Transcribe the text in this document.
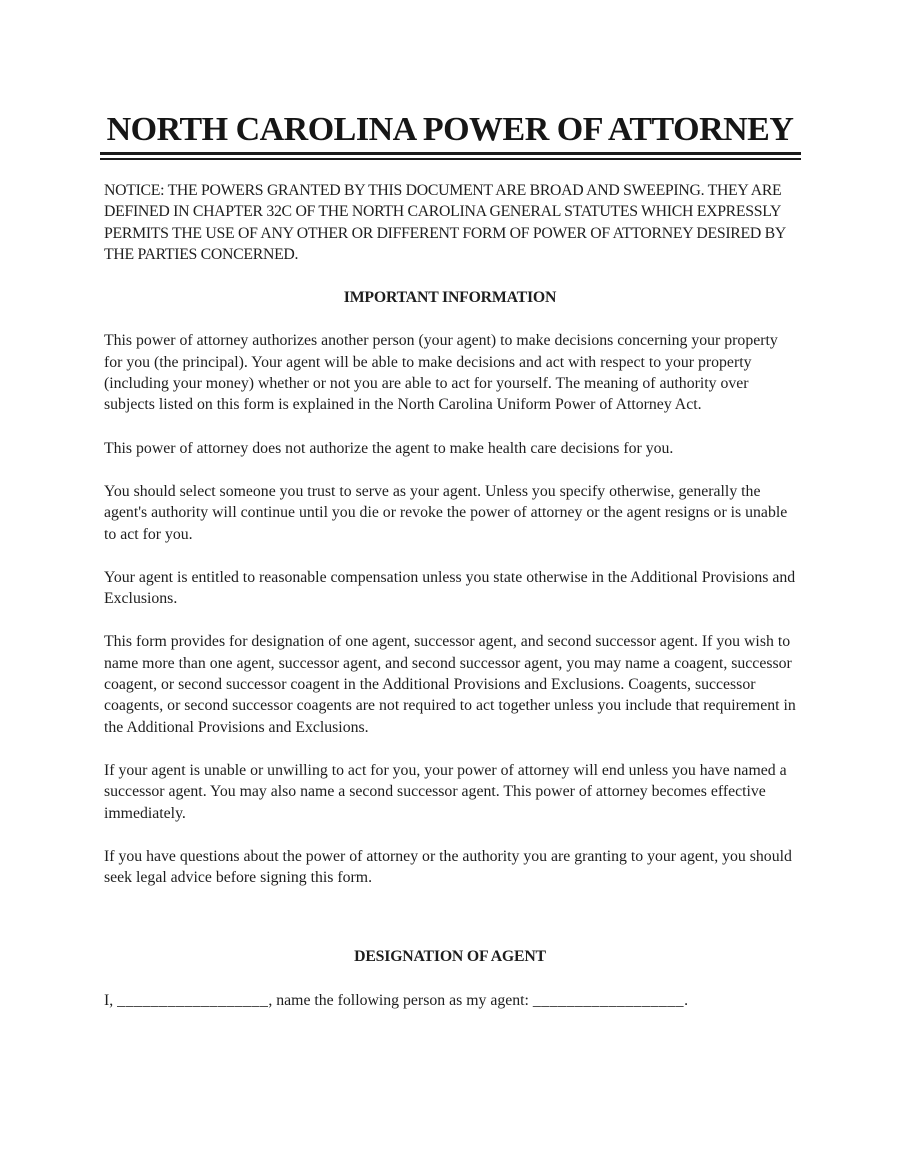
NORTH CAROLINA POWER OF ATTORNEY
NOTICE: THE POWERS GRANTED BY THIS DOCUMENT ARE BROAD AND SWEEPING. THEY ARE
DEFINED IN CHAPTER 32C OF THE NORTH CAROLINA GENERAL STATUTES WHICH EXPRESSLY
PERMITS THE USE OF ANY OTHER OR DIFFERENT FORM OF POWER OF ATTORNEY DESIRED BY
THE PARTIES CONCERNED.
IMPORTANT INFORMATION

This power of attorney authorizes another person (your agent) to make decisions concerning your property for you (the principal). Your agent will be able to make decisions and act with respect to your property (including your money) whether or not you are able to act for yourself. The meaning of authority over subjects listed on this form is explained in the North Carolina Uniform Power of Attorney Act.

This power of attorney does not authorize the agent to make health care decisions for you.

You should select someone you trust to serve as your agent. Unless you specify otherwise, generally the agent's authority will continue until you die or revoke the power of attorney or the agent resigns or is unable to act for you.

Your agent is entitled to reasonable compensation unless you state otherwise in the Additional Provisions and Exclusions.

This form provides for designation of one agent, successor agent, and second successor agent. If you wish to name more than one agent, successor agent, and second successor agent, you may name a coagent, successor coagent, or second successor coagent in the Additional Provisions and Exclusions. Coagents, successor coagents, or second successor coagents are not required to act together unless you include that requirement in the Additional Provisions and Exclusions.

If your agent is unable or unwilling to act for you, your power of attorney will end unless you have named a successor agent. You may also name a second successor agent. This power of attorney becomes effective immediately.

If you have questions about the power of attorney or the authority you are granting to your agent, you should seek legal advice before signing this form.

DESIGNATION OF AGENT
I, __________________, name the following person as my agent: __________________.
